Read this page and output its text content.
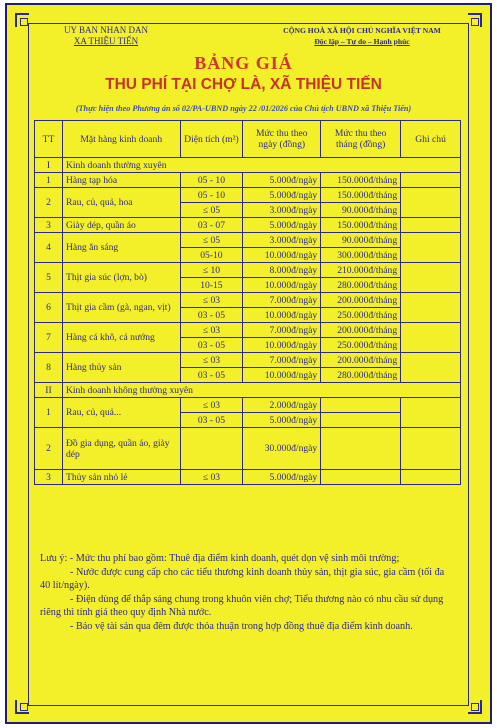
UY BAN NHAN DAN
XA THIỆU TIẾN
CỘNG HOÀ XÃ HỘI CHỦ NGHĨA VIỆT NAM
Độc lập – Tự do – Hạnh phúc
BẢNG GIÁ
THU PHÍ TẠI CHỢ LÀ, XÃ THIỆU TIẾN
(Thực hiện theo Phương án số 02/PA-UBND ngày 22 /01/2026 của Chủ tịch UBND xã Thiệu Tiến)
TT	Mặt hàng kinh doanh	Diện tích (m²)	Mức thu theo ngày (đồng)	Mức thu theo tháng (đồng)	Ghi chú
I	Kinh doanh thường xuyên				
1	Hàng tạp hóa	05 - 10	5.000đ/ngày	150.000đ/tháng	
2	Rau, củ, quả, hoa	05 - 10	5.000đ/ngày	150.000đ/tháng	
		≤ 05	3.000đ/ngày	90.000đ/tháng	
3	Giày dép, quần áo	03 - 07	5.000đ/ngày	150.000đ/tháng	
4	Hàng ăn sáng	≤ 05	3.000đ/ngày	90.000đ/tháng	
		05-10	10.000đ/ngày	300.000đ/tháng	
5	Thịt gia súc (lợn, bò)	≤ 10	8.000đ/ngày	210.000đ/tháng	
		10-15	10.000đ/ngày	280.000đ/tháng	
6	Thịt gia cầm (gà, ngan, vịt)	≤ 03	7.000đ/ngày	200.000đ/tháng	
		03 - 05	10.000đ/ngày	250.000đ/tháng	
7	Hàng cá khô, cá nướng	≤ 03	7.000đ/ngày	200.000đ/tháng	
		03 - 05	10.000đ/ngày	250.000đ/tháng	
8	Hàng thủy sản	≤ 03	7.000đ/ngày	200.000đ/tháng	
		03 - 05	10.000đ/ngày	280.000đ/tháng	
II	Kinh doanh không thường xuyên				
1	Rau, củ, quả...	≤ 03	2.000đ/ngày		
		03 - 05	5.000đ/ngày		
2	Đồ gia dụng, quần áo, giày dép		30.000đ/ngày		
3	Thủy sản nhỏ lẻ	≤ 03	5.000đ/ngày		

Lưu ý: - Mức thu phí bao gồm: Thuê địa điểm kinh doanh, quét dọn vệ sinh môi trường;

- Nước được cung cấp cho các tiểu thương kinh doanh thủy sản, thịt gia súc, gia cầm (tối đa 40 lít/ngày).

- Điện dùng để thắp sáng chung trong khuôn viên chợ; Tiểu thương nào có nhu cầu sử dụng riêng thì tính giá theo quy định Nhà nước.

- Bảo vệ tài sản qua đêm được thỏa thuận trong hợp đồng thuê địa điểm kinh doanh.
